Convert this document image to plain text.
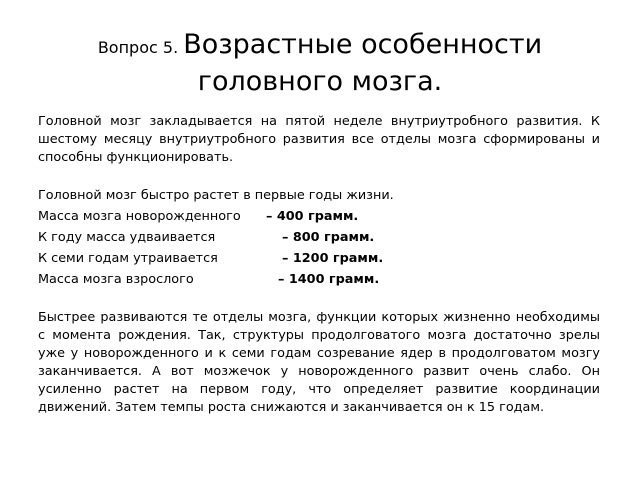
Вопрос 5. Возрастные особенности
головного мозга.

Головной мозг закладывается на пятой неделе внутриутробного развития. К шестому месяцу внутриутробного развития все отделы мозга сформированы и способны функционировать.

Головной мозг быстро растет в первые годы жизни.

Масса мозга новорожденного – 400 грамм.
К году масса удваивается	– 800 грамм.
К семи годам утраивается	– 1200 грамм.
Масса мозга взрослого	– 1400 грамм.

Быстрее развиваются те отделы мозга, функции которых жизненно необходимы с момента рождения. Так, структуры продолговатого мозга достаточно зрелы уже у новорожденного и к семи годам созревание ядер в продолговатом мозгу заканчивается. А вот мозжечок у новорожденного развит очень слабо. Он усиленно растет на первом году, что определяет развитие координации движений. Затем темпы роста снижаются и заканчивается он к 15 годам.
